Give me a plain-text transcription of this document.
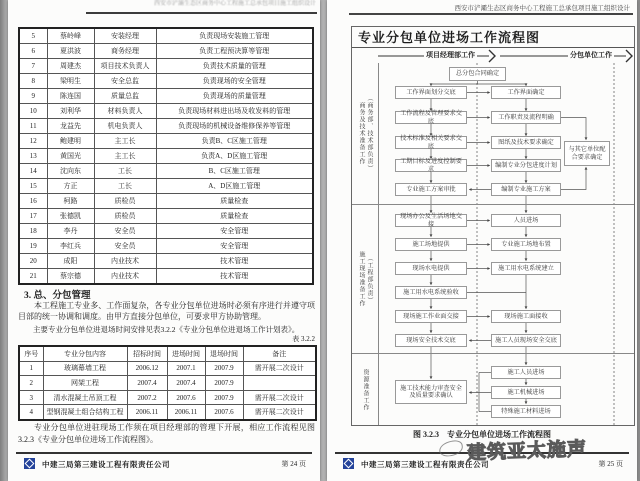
西安市浐灞生态区商务中心工程施工总承包项目施工组织设计
5	蔡岭峰	安装经理	负责现场安装施工管理
6	夏洪波	商务经理	负责工程预决算等管理
7	周建杰	项目技术负责人	负责技术质量的管理
8	梁明生	安全总监	负责现场的安全管理
9	陈连国	质量总监	负责现场的质量管理
10	刘利华	材料负责人	负责现场材料进出场及收发料的管理
11	龙益先	机电负责人	负责现场的机械设备维修保养等管理
12	鲍建明	主工长	负责B、C区施工管理
13	黄国光	主工长	负责A、D区施工管理
14	沈向东	工长	B、C区施工管理
15	方正	工长	A、D区施工管理
16	柯路	质检员	质量检查
17	张德凯	质检员	质量检查
18	李丹	安全员	安全管理
19	李红兵	安全员	安全管理
20	成阳	内业技术	技术管理
21	蔡宗德	内业技术	技术管理
3. 总、分包管理
本工程施工专业多、工作面复杂，各专业分包单位进场时必须有序进行并遵守项目部的统一协调和调度。由甲方直接分包单位，可要求甲方协助管理。
主要专业分包单位进退场时间安排见表3.2.2《专业分包单位进退场工作计划表》。
表 3.2.2
序号	专业分包内容	招标时间	进场时间	退场时间	备注
1	玻璃幕墙工程	2006.12	2007.1	2007.9	需开展二次设计
2	网架工程	2007.4	2007.4	2007.9	
3	清水混凝土吊顶工程	2007.2	2007.6	2007.9	需开展二次设计
4	型钢混凝土组合结构工程	2006.11	2006.11	2007.6	需开展二次设计
专业分包单位进驻现场工作须在项目经理部的管理下开展，相应工作流程见图3.2.3《专业分包单位进场工作流程图》。
中建三局第三建设工程有限责任公司	第 24 页
西安市浐灞生态区商务中心工程施工总承包项目施工组织设计
专业分包单位进场工作流程图
项目经理部工作	分包单位工作
商务及技术准备工作 （商务部、技术部负责）
施工现场准备工作 （工程部负责）
资源准备工作
总分包合同确定
工作界面划分交底
工作流程及管理要求交底
技术标准及相关要求交底
工期目标及进度控制要求
专业施工方案审批
工作界面确定
工作职责及流程明确
图纸及技术要求确定
编制专业分包进度计划
编制专业施工方案
与其它单位配合要求确定
现场办公及生活场地交接
施工场地提供
现场水电提供
施工用水电系统验收
现场施工作业面交接
现场安全技术交底
人员进场
专业施工场地布置
施工用水电系统建立
现场施工面接收
施工人员现场安全交底
施工技术能力审查安全及质量要求确认
施工人员进场
施工机械进场
特殊施工材料进场
图 3.2.3　专业分包单位进场工作流程图
建筑亚太施声
中建三局第三建设工程有限责任公司	第 25 页
